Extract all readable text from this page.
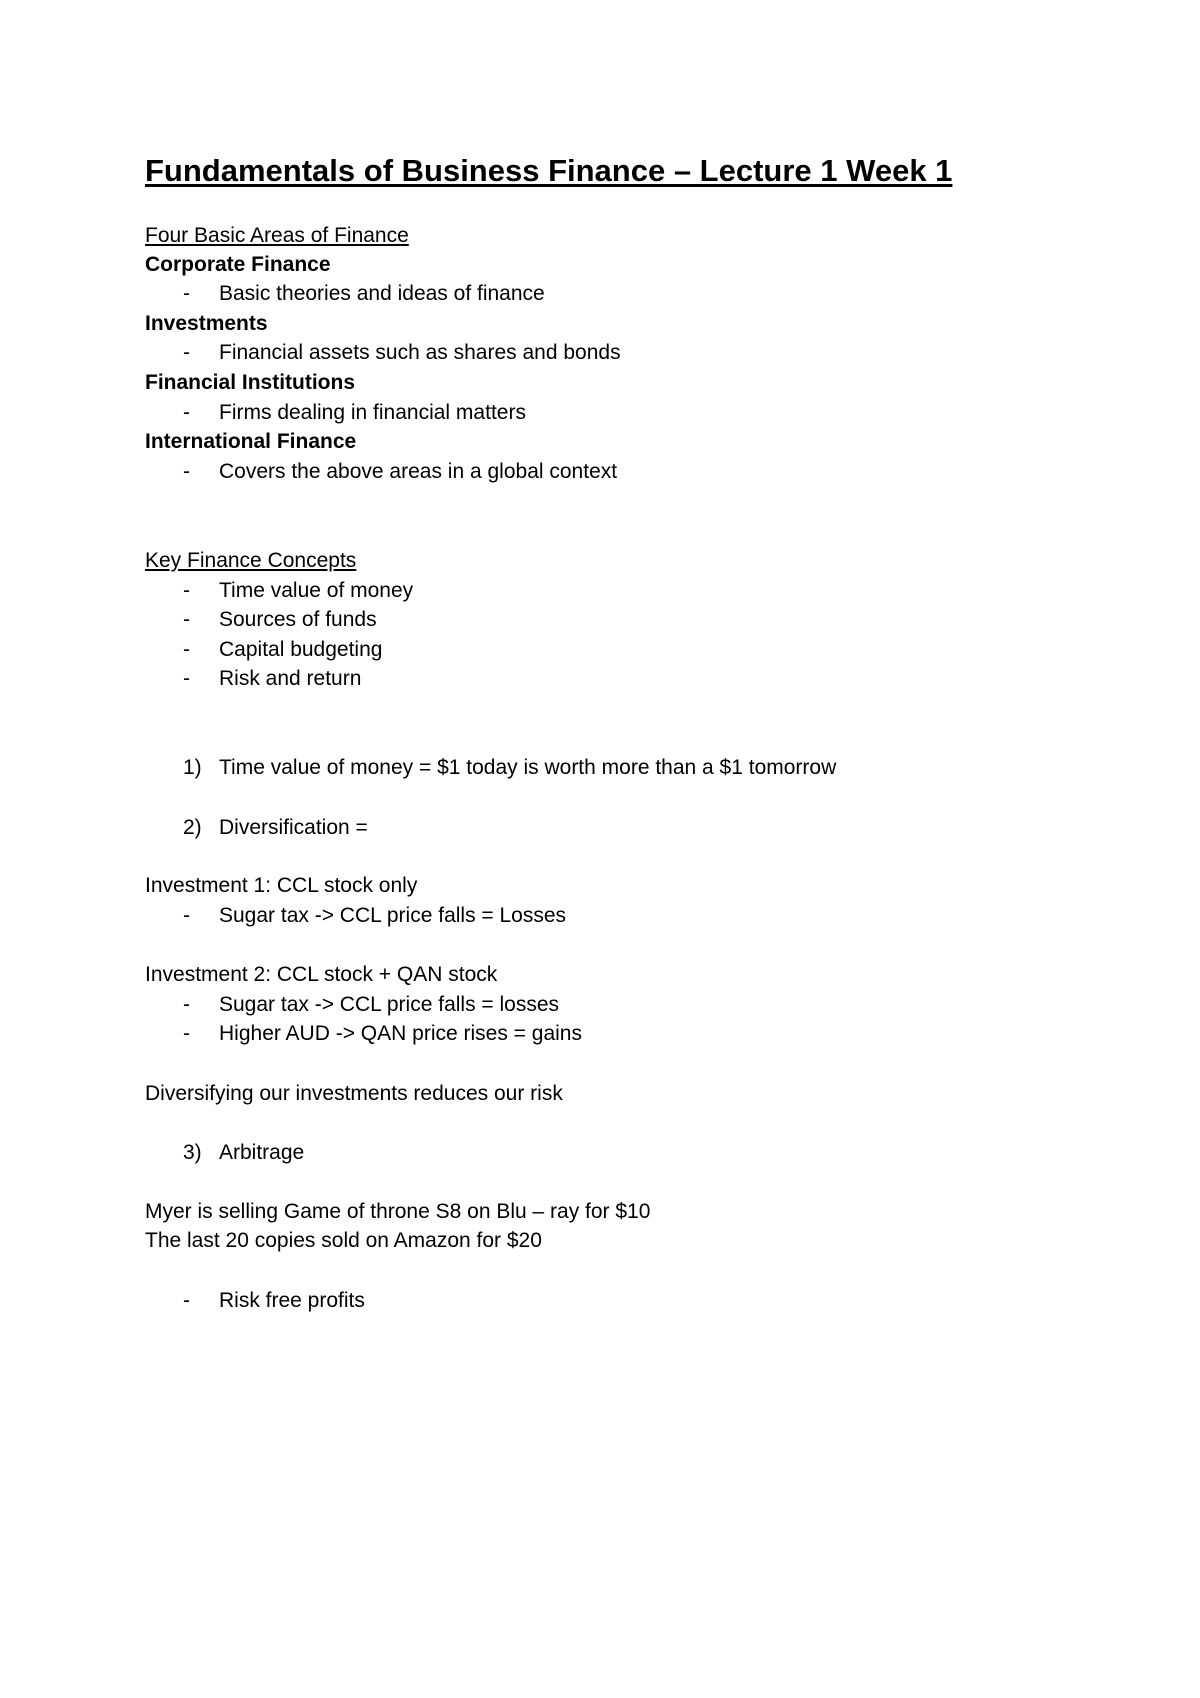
Fundamentals of Business Finance – Lecture 1 Week 1
Four Basic Areas of Finance
Corporate Finance
- Basic theories and ideas of finance
Investments
- Financial assets such as shares and bonds
Financial Institutions
- Firms dealing in financial matters
International Finance
- Covers the above areas in a global context
Key Finance Concepts
- Time value of money
- Sources of funds
- Capital budgeting
- Risk and return
1) Time value of money = $1 today is worth more than a $1 tomorrow
2) Diversification =
Investment 1: CCL stock only
- Sugar tax -> CCL price falls = Losses
Investment 2: CCL stock + QAN stock
- Sugar tax -> CCL price falls = losses
- Higher AUD -> QAN price rises = gains
Diversifying our investments reduces our risk
3) Arbitrage
Myer is selling Game of throne S8 on Blu – ray for $10
The last 20 copies sold on Amazon for $20
- Risk free profits
